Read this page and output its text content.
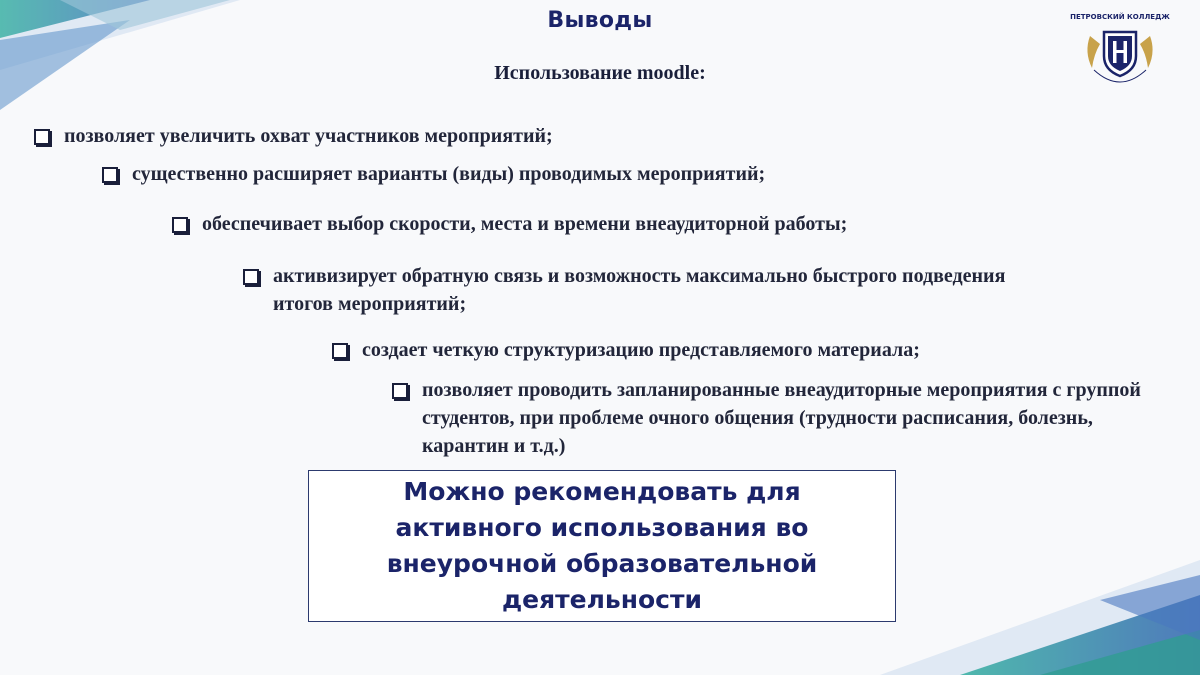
Выводы
Использование moodle:
ПЕТРОВСКИЙ КОЛЛЕДЖ
позволяет увеличить охват участников мероприятий;
существенно расширяет варианты (виды) проводимых мероприятий;
обеспечивает выбор скорости, места и времени внеаудиторной работы;
активизирует обратную связь и возможность максимально быстрого подведения итогов мероприятий;
создает четкую структуризацию представляемого материала;
позволяет проводить запланированные внеаудиторные мероприятия с группой студентов, при проблеме очного общения (трудности расписания, болезнь, карантин и т.д.)
Можно рекомендовать для активного использования во внеурочной образовательной деятельности
